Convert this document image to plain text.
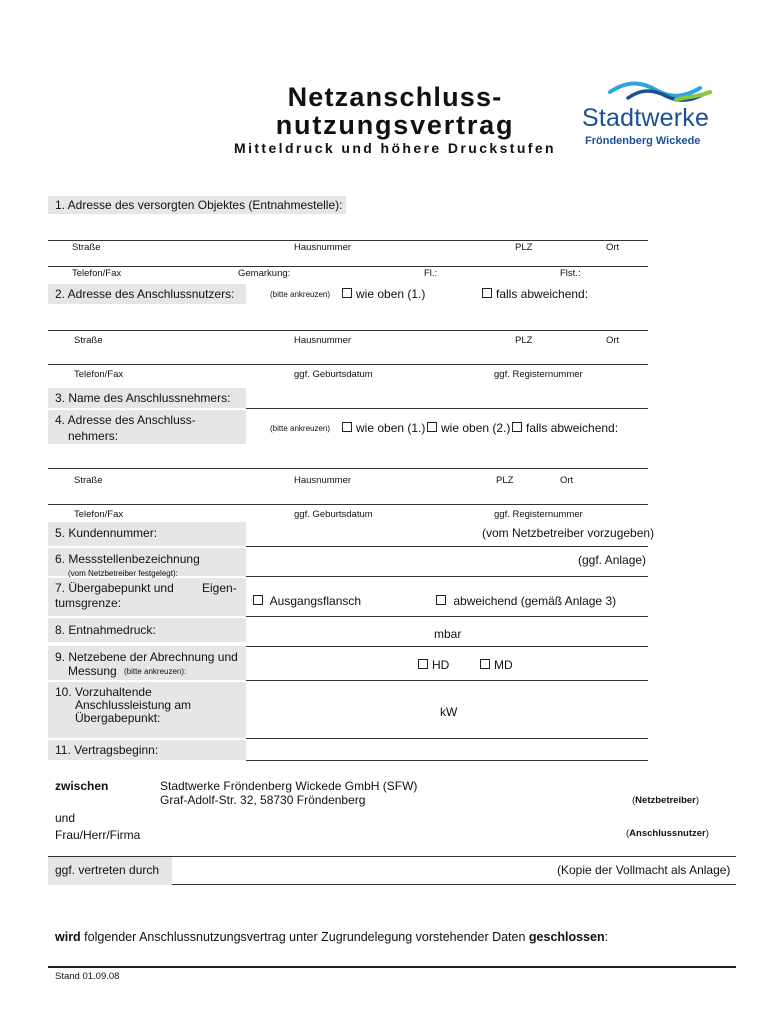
Netzanschluss-
nutzungsvertrag
Mitteldruck und höhere Druckstufen
Stadtwerke
Fröndenberg Wickede
1. Adresse des versorgten Objektes (Entnahmestelle):
Straße	Hausnummer	PLZ	Ort
Telefon/Fax	Gemarkung:	Fl.:	Flst.:
2. Adresse des Anschlussnutzers:	(bitte ankreuzen)	wie oben (1.)	falls abweichend:
Straße	Hausnummer	PLZ	Ort
Telefon/Fax	ggf. Geburtsdatum	ggf. Registernummer
3. Name des Anschlussnehmers:
4. Adresse des Anschluss-
nehmers:
(bitte ankreuzen)	wie oben (1.)	wie oben (2.)	falls abweichend:
Straße	Hausnummer	PLZ	Ort
Telefon/Fax	ggf. Geburtsdatum	ggf. Registernummer
5. Kundennummer:	(vom Netzbetreiber vorzugeben)
6. Messstellenbezeichnung
(vom Netzbetreiber festgelegt):
(ggf. Anlage)
7. Übergabepunkt und Eigen-
tumsgrenze:	Ausgangsflansch	abweichend (gemäß Anlage 3)
8. Entnahmedruck:	mbar
9. Netzebene der Abrechnung und
Messung (bitte ankreuzen):	HD	MD
10. Vorzuhaltende
Anschlussleistung am
Übergabepunkt:	kW
11. Vertragsbeginn:
zwischen	Stadtwerke Fröndenberg Wickede GmbH (SFW)
Graf-Adolf-Str. 32, 58730 Fröndenberg	(Netzbetreiber)
und
Frau/Herr/Firma	(Anschlussnutzer)
ggf. vertreten durch	(Kopie der Vollmacht als Anlage)
wird folgender Anschlussnutzungsvertrag unter Zugrundelegung vorstehender Daten geschlossen:
Stand 01.09.08
